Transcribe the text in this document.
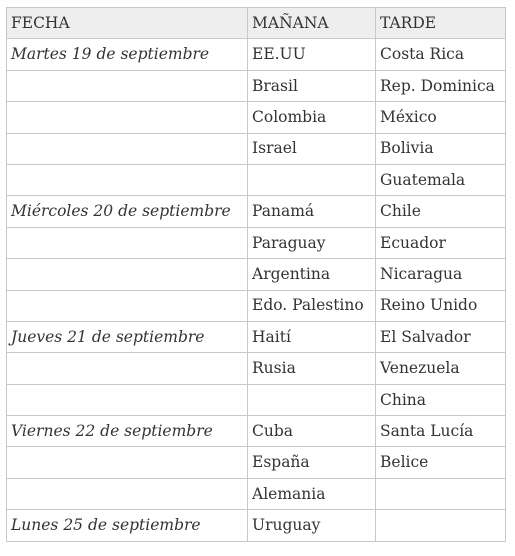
FECHA	MAÑANA	TARDE
Martes 19 de septiembre	EE.UU	Costa Rica
	Brasil	Rep. Dominica
	Colombia	México
	Israel	Bolivia
		Guatemala
Miércoles 20 de septiembre	Panamá	Chile
	Paraguay	Ecuador
	Argentina	Nicaragua
	Edo. Palestino	Reino Unido
Jueves 21 de septiembre	Haití	El Salvador
	Rusia	Venezuela
		China
Viernes 22 de septiembre	Cuba	Santa Lucía
	España	Belice
	Alemania	
Lunes 25 de septiembre	Uruguay	
